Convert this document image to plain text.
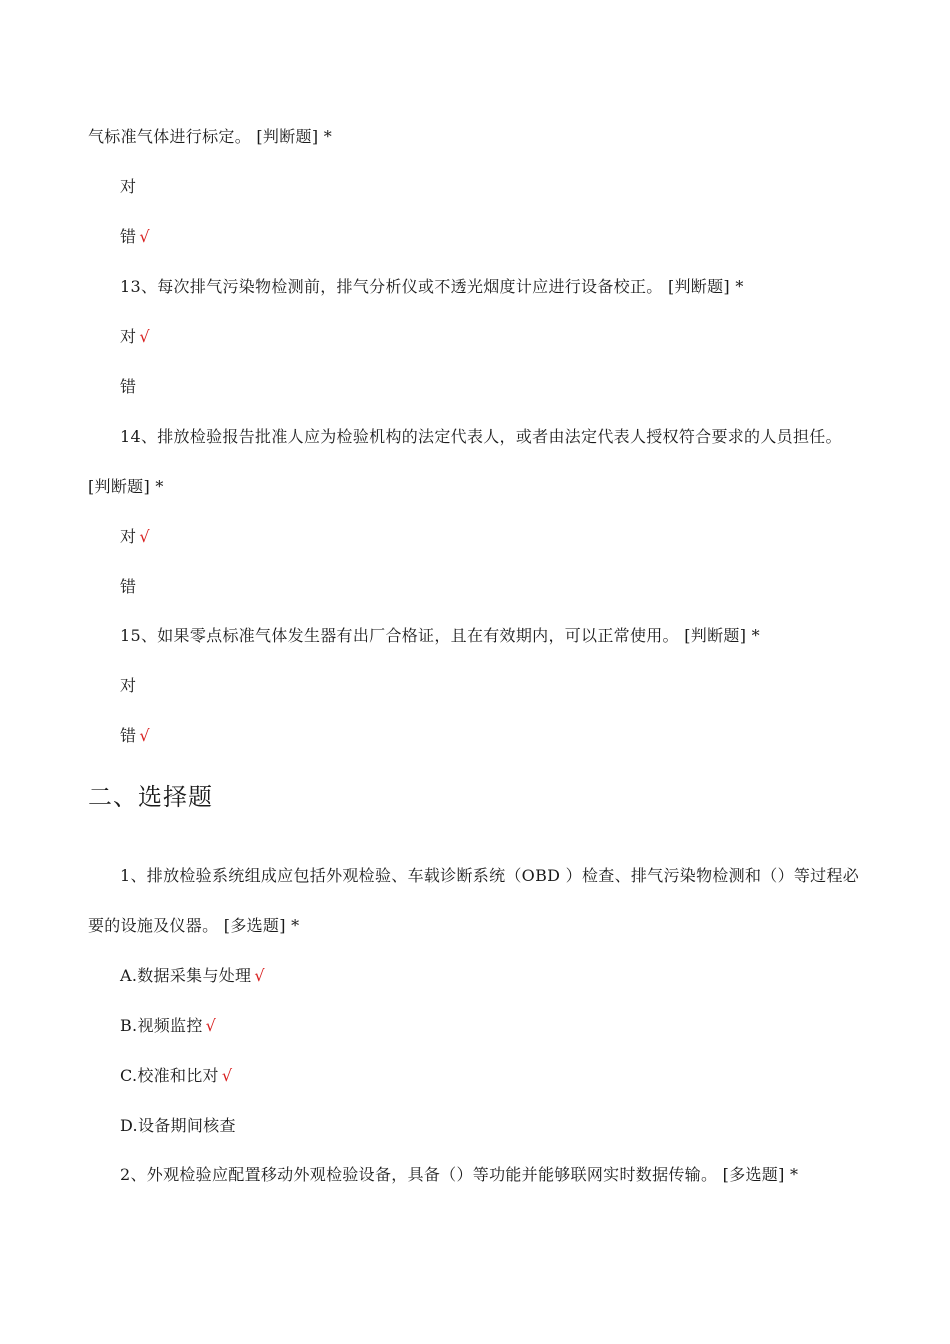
气标准气体进行标定。 [判断题] *
对
错 √
13、每次排气污染物检测前，排气分析仪或不透光烟度计应进行设备校正。 [判断题] *
对 √
错
14、排放检验报告批准人应为检验机构的法定代表人，或者由法定代表人授权符合要求的人员担任。
[判断题] *
对 √
错
15、如果零点标准气体发生器有出厂合格证，且在有效期内，可以正常使用。 [判断题] *
对
错 √
二、选择题
1、排放检验系统组成应包括外观检验、车载诊断系统（OBD ）检查、排气污染物检测和（）等过程必
要的设施及仪器。 [多选题] *
A.数据采集与处理 √
B.视频监控 √
C.校准和比对 √
D.设备期间核查
2、外观检验应配置移动外观检验设备，具备（）等功能并能够联网实时数据传输。 [多选题] *
